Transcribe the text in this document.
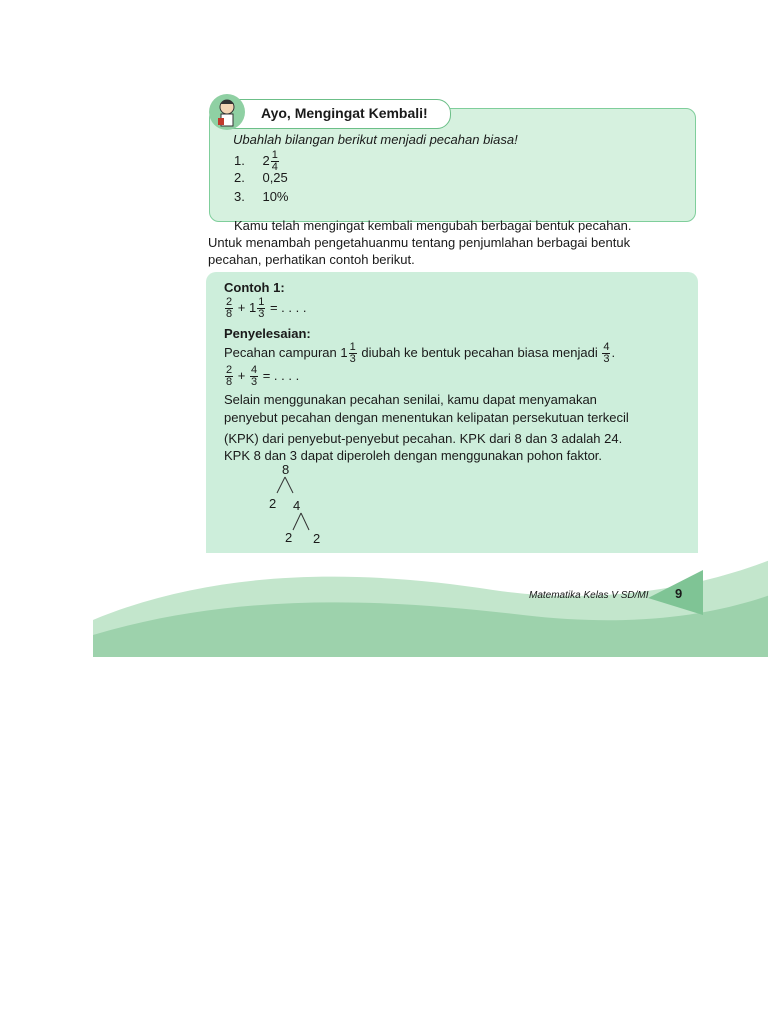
Ayo, Mengingat Kembali!
Ubahlah bilangan berikut menjadi pecahan biasa!
1. $2 \frac{1}{4}$
2. 0,25
3. 10%
Kamu telah mengingat kembali mengubah berbagai bentuk pecahan.
Untuk menambah pengetahuanmu tentang penjumlahan berbagai bentuk
pecahan, perhatikan contoh berikut.
Contoh 1:
$\frac{2}{8} + 1 \frac{1}{3}$ = . . . .
Penyelesaian:
Pecahan campuran $1 \frac{1}{3}$ diubah ke bentuk pecahan biasa menjadi $\frac{4}{3}$ .
$\frac{2}{8} + \frac{4}{3}$ = . . . .
Selain menggunakan pecahan senilai, kamu dapat menyamakan
penyebut pecahan dengan menentukan kelipatan persekutuan terkecil
(KPK) dari penyebut-penyebut pecahan. KPK dari 8 dan 3 adalah 24.
KPK 8 dan 3 dapat diperoleh dengan menggunakan pohon faktor.
8
2 4
2 2
Matematika Kelas V SD/MI 9
